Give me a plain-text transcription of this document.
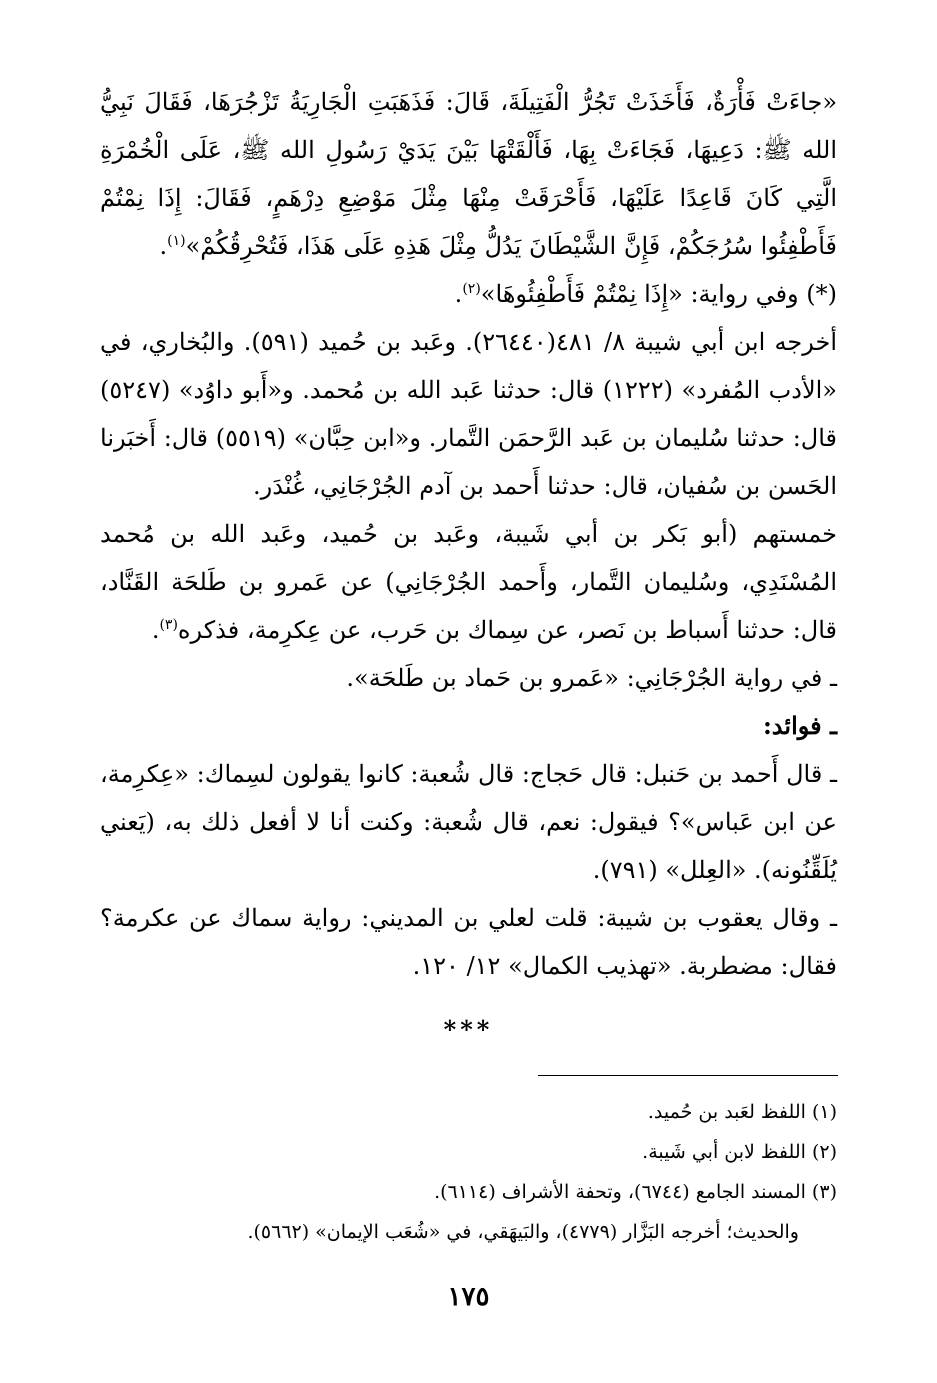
«جاءَتْ فَأْرَةٌ، فَأَخَذَتْ تَجُرُّ الْفَتِيلَةَ، قَالَ: فَذَهَبَتِ الْجَارِيَةُ تَزْجُرَهَا، فَقَالَ نَبِيُّ الله ﷺ: دَعِيهَا، فَجَاءَتْ بِهَا، فَأَلْقَتْهَا بَيْنَ يَدَيْ رَسُولِ الله ﷺ، عَلَى الْخُمْرَةِ الَّتِي كَانَ قَاعِدًا عَلَيْهَا، فَأَحْرَقَتْ مِنْهَا مِثْلَ مَوْضِعِ دِرْهَمٍ، فَقَالَ: إِذَا نِمْتُمْ فَأَطْفِئُوا سُرُجَكُمْ، فَإِنَّ الشَّيْطَانَ يَدُلُّ مِثْلَ هَذِهِ عَلَى هَذَا، فَتُحْرِقُكُمْ»$^{(١)}$.

(*) وفي رواية: «إِذَا نِمْتُمْ فَأَطْفِئُوهَا»$^{(٢)}$.

أخرجه ابن أبي شيبة ٨/ ٤٨١(٢٦٤٤٠). وعَبد بن حُميد (٥٩١). والبُخاري، في «الأدب المُفرد» (١٢٢٢) قال: حدثنا عَبد الله بن مُحمد. و«أَبو داوُد» (٥٢٤٧) قال: حدثنا سُليمان بن عَبد الرَّحمَن التَّمار. و«ابن حِبَّان» (٥٥١٩) قال: أَخبَرنا الحَسن بن سُفيان، قال: حدثنا أَحمد بن آدم الجُرْجَانِي، غُنْدَر.

خمستهم (أبو بَكر بن أبي شَيبة، وعَبد بن حُميد، وعَبد الله بن مُحمد المُسْنَدِي، وسُليمان التَّمار، وأَحمد الجُرْجَانِي) عن عَمرو بن طَلحَة القَنَّاد، قال: حدثنا أَسباط بن نَصر، عن سِماك بن حَرب، عن عِكرِمة، فذكره$^{(٣)}$.

ـ في رواية الجُرْجَانِي: «عَمرو بن حَماد بن طَلحَة».

ـ فوائد:

ـ قال أَحمد بن حَنبل: قال حَجاج: قال شُعبة: كانوا يقولون لسِماك: «عِكرِمة، عن ابن عَباس»؟ فيقول: نعم، قال شُعبة: وكنت أنا لا أفعل ذلك به، (يَعني يُلَقِّنُونه). «العِلل» (٧٩١).

ـ وقال يعقوب بن شيبة: قلت لعلي بن المديني: رواية سماك عن عكرمة؟ فقال: مضطربة. «تهذيب الكمال» ١٢/ ١٢٠.

***

(١) اللفظ لعَبد بن حُميد.

(٢) اللفظ لابن أبي شَيبة.

(٣) المسند الجامع (٦٧٤٤)، وتحفة الأشراف (٦١١٤).

والحديث؛ أخرجه البَزَّار (٤٧٧٩)، والبَيهَقي، في «شُعَب الإيمان» (٥٦٦٢).

١٧٥
